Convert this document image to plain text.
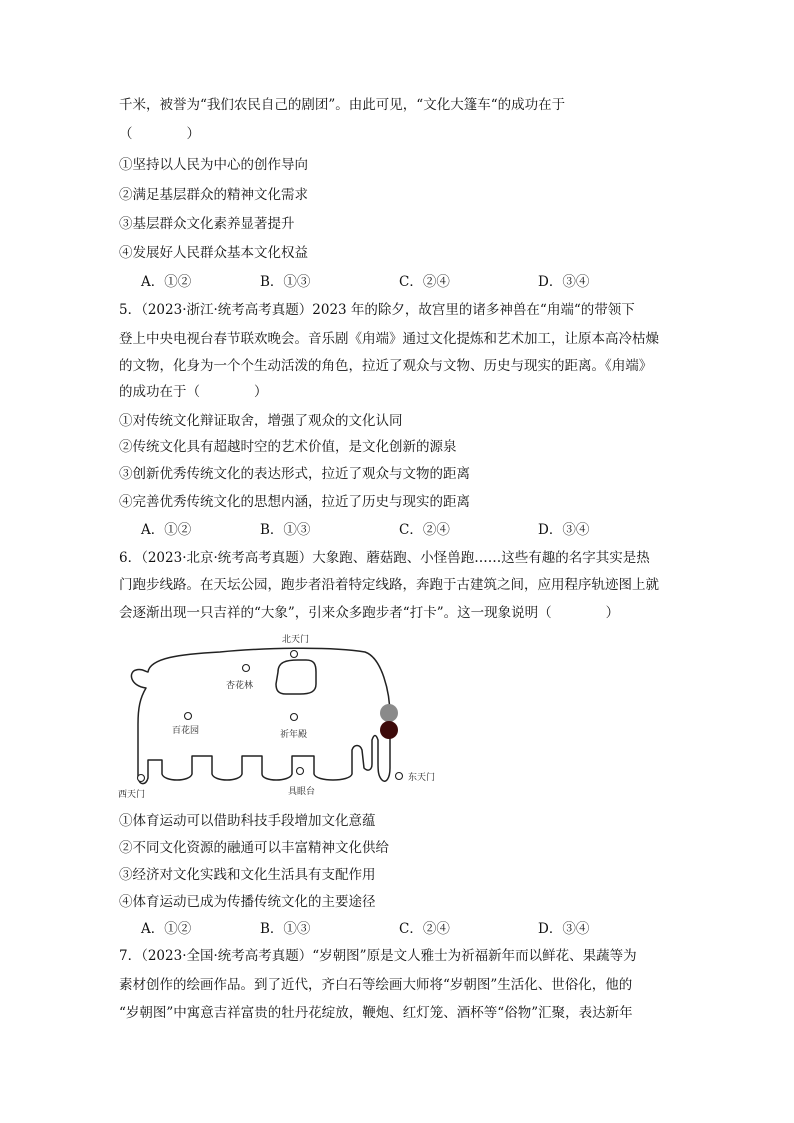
千米，被誉为“我们农民自己的剧团”。由此可见，“文化大篷车“的成功在于
（　　　　）
①坚持以人民为中心的创作导向
②满足基层群众的精神文化需求
③基层群众文化素养显著提升
④发展好人民群众基本文化权益
A．①②	B．①③	C．②④	D．③④
5．（2023·浙江·统考高考真题）2023 年的除夕，故宫里的诸多神兽在“甪端“的带领下
登上中央电视台春节联欢晚会。音乐剧《甪端》通过文化提炼和艺术加工，让原本高冷枯燥
的文物，化身为一个个生动活泼的角色，拉近了观众与文物、历史与现实的距离。《甪端》
的成功在于（　　　　）
①对传统文化辩证取舍，增强了观众的文化认同
②传统文化具有超越时空的艺术价值，是文化创新的源泉
③创新优秀传统文化的表达形式，拉近了观众与文物的距离
④完善优秀传统文化的思想内涵，拉近了历史与现实的距离
A．①②	B．①③	C．②④	D．③④
6．（2023·北京·统考高考真题）大象跑、蘑菇跑、小怪兽跑……这些有趣的名字其实是热
门跑步线路。在天坛公园，跑步者沿着特定线路，奔跑于古建筑之间，应用程序轨迹图上就
会逐渐出现一只吉祥的“大象”，引来众多跑步者“打卡”。这一现象说明（　　　　）
北天门
杏花林
百花园	祈年殿
东天门
西天门	具眼台
①体育运动可以借助科技手段增加文化意蕴
②不同文化资源的融通可以丰富精神文化供给
③经济对文化实践和文化生活具有支配作用
④体育运动已成为传播传统文化的主要途径
A．①②	B．①③	C．②④	D．③④
7．（2023·全国·统考高考真题）“岁朝图”原是文人雅士为祈福新年而以鲜花、果蔬等为
素材创作的绘画作品。到了近代，齐白石等绘画大师将“岁朝图”生活化、世俗化，他的
“岁朝图”中寓意吉祥富贵的牡丹花绽放，鞭炮、红灯笼、酒杯等“俗物”汇聚，表达新年
